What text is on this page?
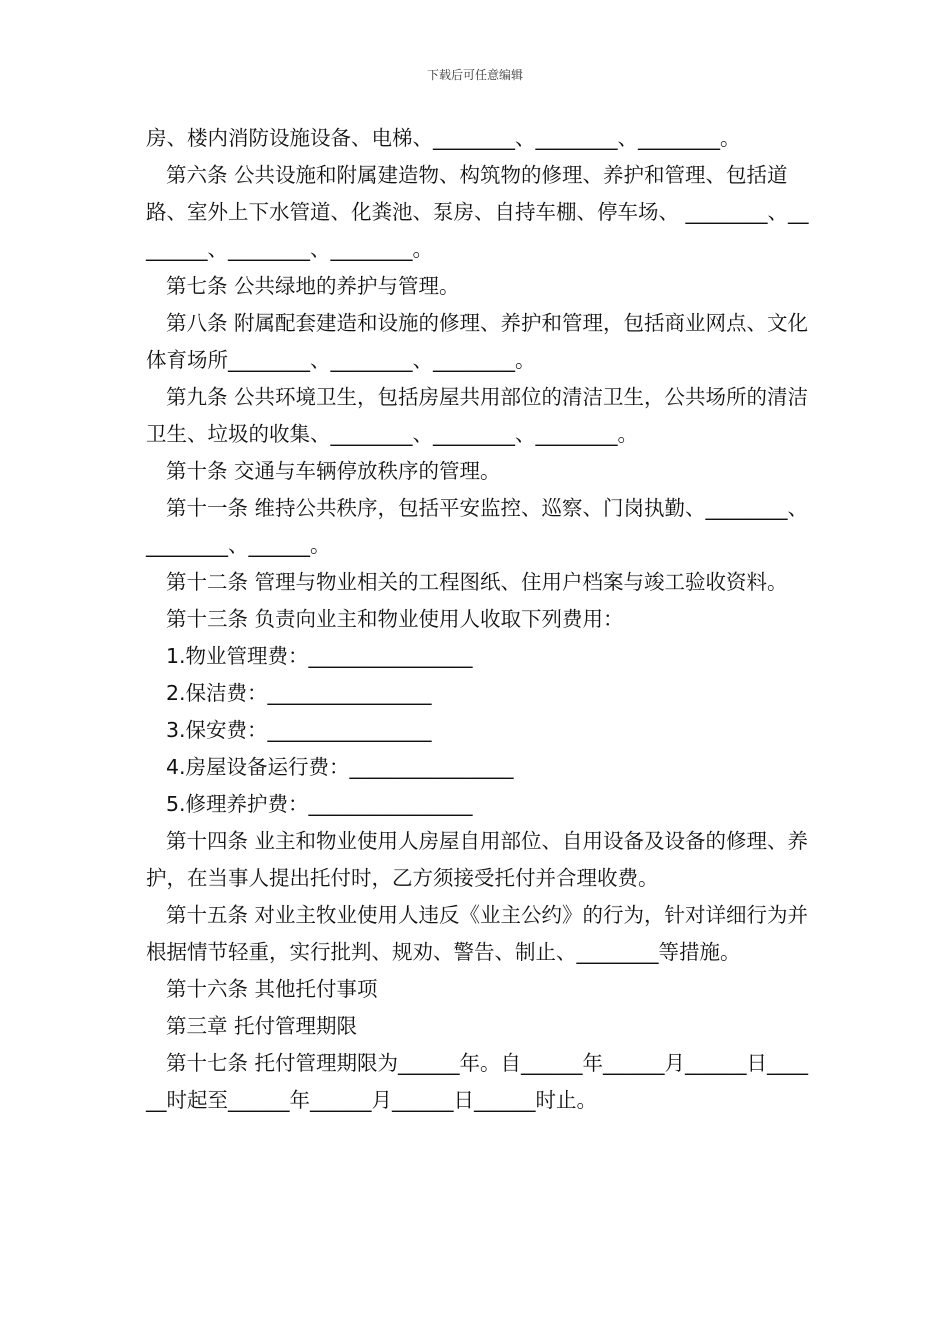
下载后可任意编辑

房、楼内消防设施设备、电梯、________、________、________。

第六条 公共设施和附属建造物、构筑物的修理、养护和管理、包括道路、室外上下水管道、化粪池、泵房、自持车棚、停车场、 ________、________、________、________。

第七条 公共绿地的养护与管理。

第八条 附属配套建造和设施的修理、养护和管理，包括商业网点、文化体育场所________、________、________。

第九条 公共环境卫生，包括房屋共用部位的清洁卫生，公共场所的清洁卫生、垃圾的收集、________、________、________。

第十条 交通与车辆停放秩序的管理。

第十一条 维持公共秩序，包括平安监控、巡察、门岗执勤、________、________、______。

第十二条 管理与物业相关的工程图纸、住用户档案与竣工验收资料。

第十三条 负责向业主和物业使用人收取下列费用：

1.物业管理费：________________

2.保洁费：________________

3.保安费：________________

4.房屋设备运行费：________________

5.修理养护费：________________

第十四条 业主和物业使用人房屋自用部位、自用设备及设备的修理、养护，在当事人提出托付时，乙方须接受托付并合理收费。

第十五条 对业主牧业使用人违反《业主公约》的行为，针对详细行为并根据情节轻重，实行批判、规劝、警告、制止、________等措施。

第十六条 其他托付事项

第三章 托付管理期限

第十七条 托付管理期限为______年。自______年______月______日______时起至______年______月______日______时止。
